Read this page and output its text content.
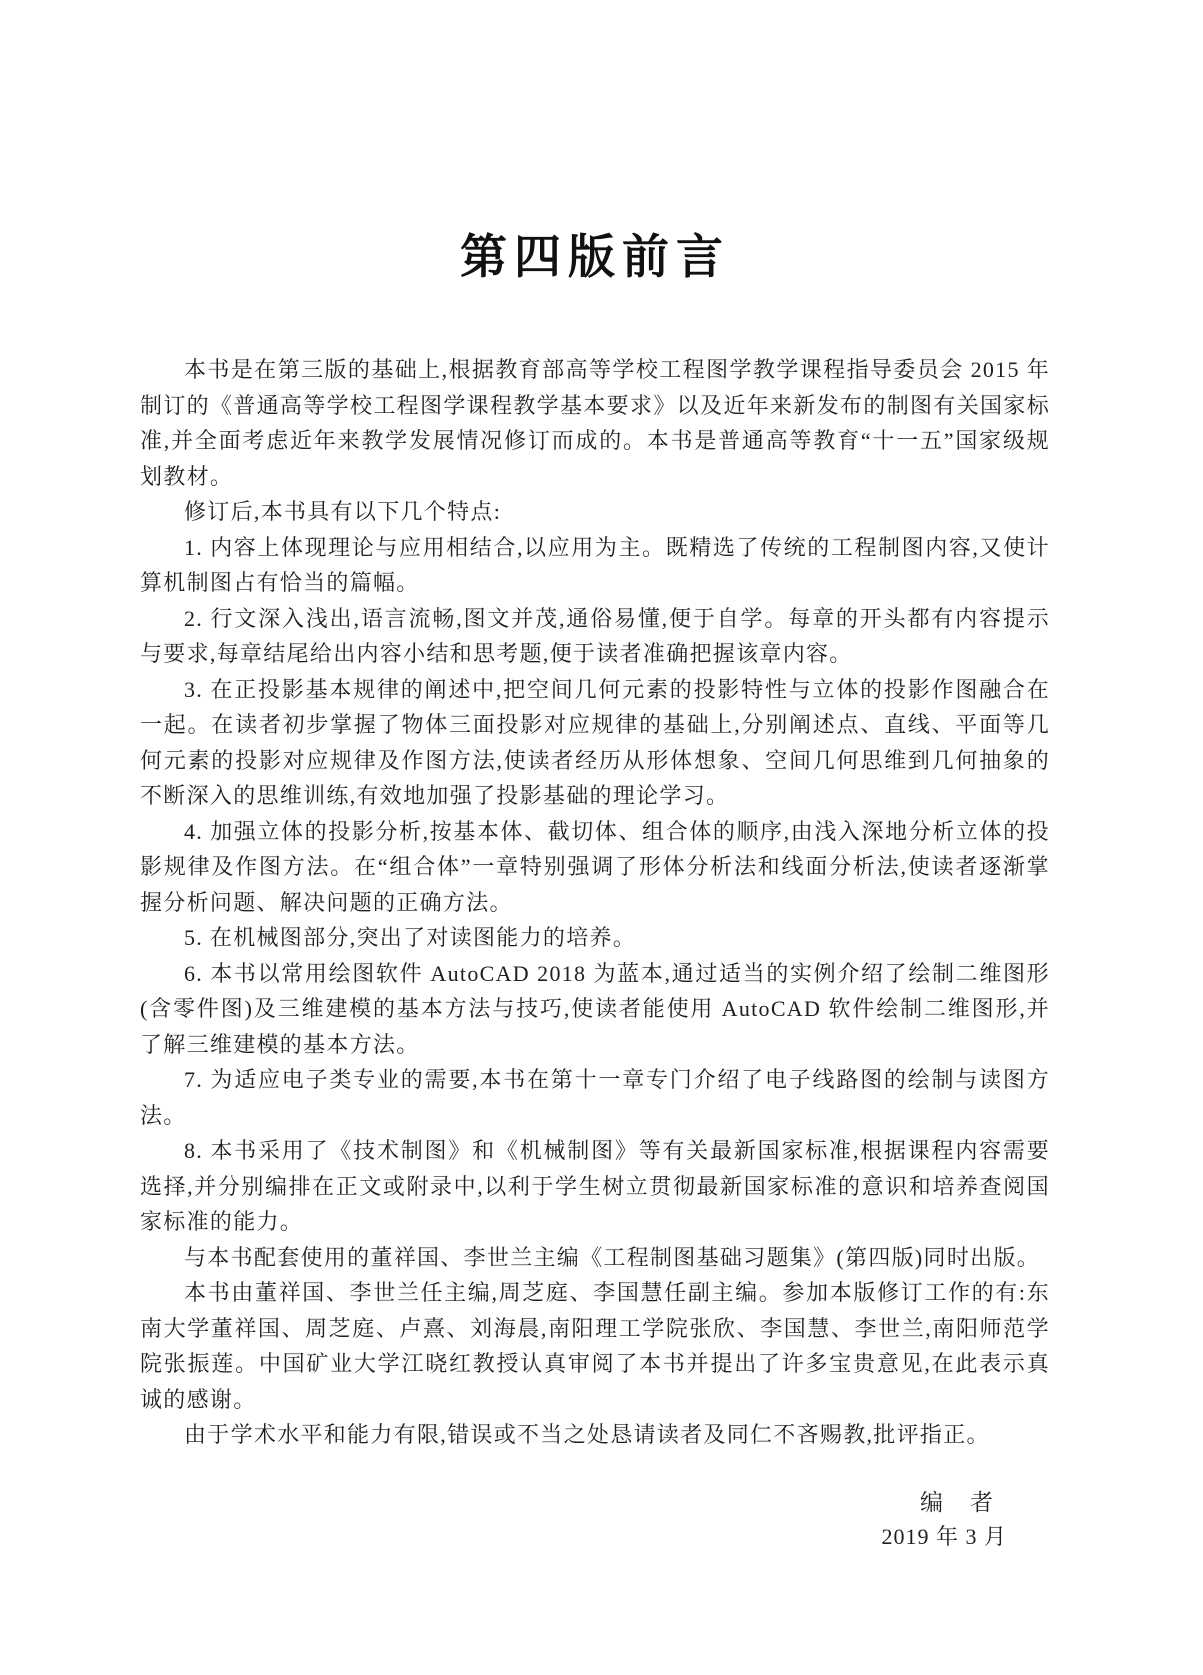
第四版前言

本书是在第三版的基础上,根据教育部高等学校工程图学教学课程指导委员会 2015 年制订的《普通高等学校工程图学课程教学基本要求》以及近年来新发布的制图有关国家标准,并全面考虑近年来教学发展情况修订而成的。本书是普通高等教育“十一五”国家级规划教材。

修订后,本书具有以下几个特点:

1. 内容上体现理论与应用相结合,以应用为主。既精选了传统的工程制图内容,又使计算机制图占有恰当的篇幅。

2. 行文深入浅出,语言流畅,图文并茂,通俗易懂,便于自学。每章的开头都有内容提示与要求,每章结尾给出内容小结和思考题,便于读者准确把握该章内容。

3. 在正投影基本规律的阐述中,把空间几何元素的投影特性与立体的投影作图融合在一起。在读者初步掌握了物体三面投影对应规律的基础上,分别阐述点、直线、平面等几何元素的投影对应规律及作图方法,使读者经历从形体想象、空间几何思维到几何抽象的不断深入的思维训练,有效地加强了投影基础的理论学习。

4. 加强立体的投影分析,按基本体、截切体、组合体的顺序,由浅入深地分析立体的投影规律及作图方法。在“组合体”一章特别强调了形体分析法和线面分析法,使读者逐渐掌握分析问题、解决问题的正确方法。

5. 在机械图部分,突出了对读图能力的培养。

6. 本书以常用绘图软件 AutoCAD 2018 为蓝本,通过适当的实例介绍了绘制二维图形(含零件图)及三维建模的基本方法与技巧,使读者能使用 AutoCAD 软件绘制二维图形,并了解三维建模的基本方法。

7. 为适应电子类专业的需要,本书在第十一章专门介绍了电子线路图的绘制与读图方法。

8. 本书采用了《技术制图》和《机械制图》等有关最新国家标准,根据课程内容需要选择,并分别编排在正文或附录中,以利于学生树立贯彻最新国家标准的意识和培养查阅国家标准的能力。

与本书配套使用的董祥国、李世兰主编《工程制图基础习题集》(第四版)同时出版。

本书由董祥国、李世兰任主编,周芝庭、李国慧任副主编。参加本版修订工作的有:东南大学董祥国、周芝庭、卢熹、刘海晨,南阳理工学院张欣、李国慧、李世兰,南阳师范学院张振莲。中国矿业大学江晓红教授认真审阅了本书并提出了许多宝贵意见,在此表示真诚的感谢。

由于学术水平和能力有限,错误或不当之处恳请读者及同仁不吝赐教,批评指正。

编　者
2019 年 3 月
